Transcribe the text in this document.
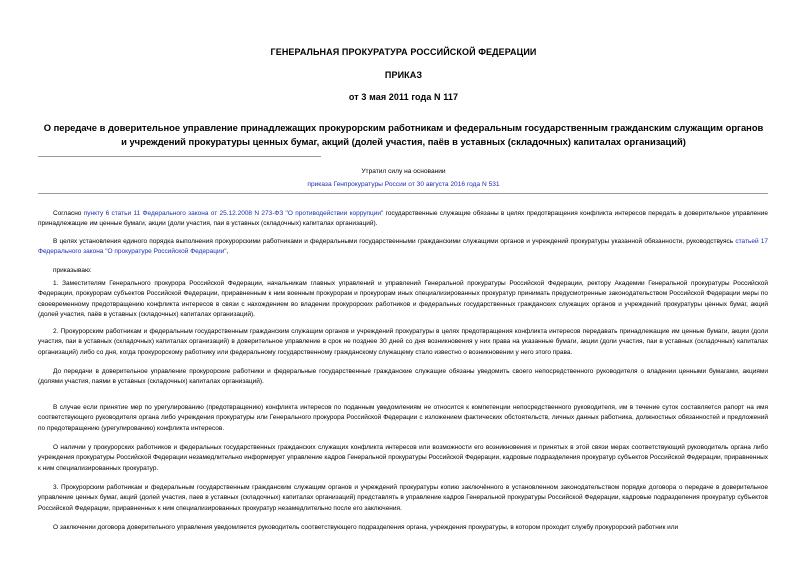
ГЕНЕРАЛЬНАЯ ПРОКУРАТУРА РОССИЙСКОЙ ФЕДЕРАЦИИ
ПРИКАЗ
от 3 мая 2011 года N 117
О передаче в доверительное управление принадлежащих прокурорским работникам и федеральным государственным гражданским служащим органов и учреждений прокуратуры ценных бумаг, акций (долей участия, паёв в уставных (складочных) капиталах организаций)
Утратил силу на основании
приказа Генпрокуратуры России от 30 августа 2016 года N 531

Согласно пункту 6 статьи 11 Федерального закона от 25.12.2008 N 273-ФЗ "О противодействии коррупции" государственные служащие обязаны в целях предотвращения конфликта интересов передать в доверительное управление принадлежащие им ценные бумаги, акции (доли участия, паи в уставных (складочных) капиталах организаций).

В целях установления единого порядка выполнения прокурорскими работниками и федеральными государственными гражданскими служащими органов и учреждений прокуратуры указанной обязанности, руководствуясь статьей 17 Федерального закона "О прокуратуре Российской Федерации",

приказываю:

1. Заместителям Генерального прокурора Российской Федерации, начальникам главных управлений и управлений Генеральной прокуратуры Российской Федерации, ректору Академии Генеральной прокуратуры Российской Федерации, прокурорам субъектов Российской Федерации, приравненным к ним военным прокурорам и прокурорам иных специализированных прокуратур принимать предусмотренные законодательством Российской Федерации меры по своевременному предотвращению конфликта интересов в связи с нахождением во владении прокурорских работников и федеральных государственных гражданских служащих органов и учреждений прокуратуры ценных бумаг, акций (долей участия, паёв в уставных (складочных) капиталах организаций).

2. Прокурорским работникам и федеральным государственным гражданским служащим органов и учреждений прокуратуры в целях предотвращения конфликта интересов передавать принадлежащие им ценные бумаги, акции (доли участия, паи в уставных (складочных) капиталах организаций) в доверительное управление в срок не позднее 30 дней со дня возникновения у них права на указанные бумаги, акции (доли участия, паи в уставных (складочных) капиталах организаций) либо со дня, когда прокурорскому работнику или федеральному государственному гражданскому служащему стало известно о возникновении у него этого права.

До передачи в доверительное управление прокурорские работники и федеральные государственные гражданские служащие обязаны уведомить своего непосредственного руководителя о владении ценными бумагами, акциями (долями участия, паями в уставных (складочных) капиталах организаций).

В случае если принятие мер по урегулированию (предотвращению) конфликта интересов по поданным уведомлениям не относится к компетенции непосредственного руководителя, им в течение суток составляется рапорт на имя соответствующего руководителя органа либо учреждения прокуратуры или Генерального прокурора Российской Федерации с изложением фактических обстоятельств, личных данных работника, должностных обязанностей и предложений по предотвращению (урегулированию) конфликта интересов.

О наличии у прокурорских работников и федеральных государственных гражданских служащих конфликта интересов или возможности его возникновения и принятых в этой связи мерах соответствующий руководитель органа либо учреждения прокуратуры Российской Федерации незамедлительно информирует управление кадров Генеральной прокуратуры Российской Федерации, кадровые подразделения прокуратур субъектов Российской Федерации, приравненных к ним специализированных прокуратур.

3. Прокурорским работникам и федеральным государственным гражданским служащим органов и учреждений прокуратуры копию заключённого в установленном законодательством порядке договора о передаче в доверительное управление ценных бумаг, акций (долей участия, паев в уставных (складочных) капиталах организаций) представлять в управление кадров Генеральной прокуратуры Российской Федерации, кадровые подразделения прокуратур субъектов Российской Федерации, приравненных к ним специализированных прокуратур незамедлительно после его заключения.

О заключении договора доверительного управления уведомляется руководитель соответствующего подразделения органа, учреждения прокуратуры, в котором проходит службу прокурорский работник или
